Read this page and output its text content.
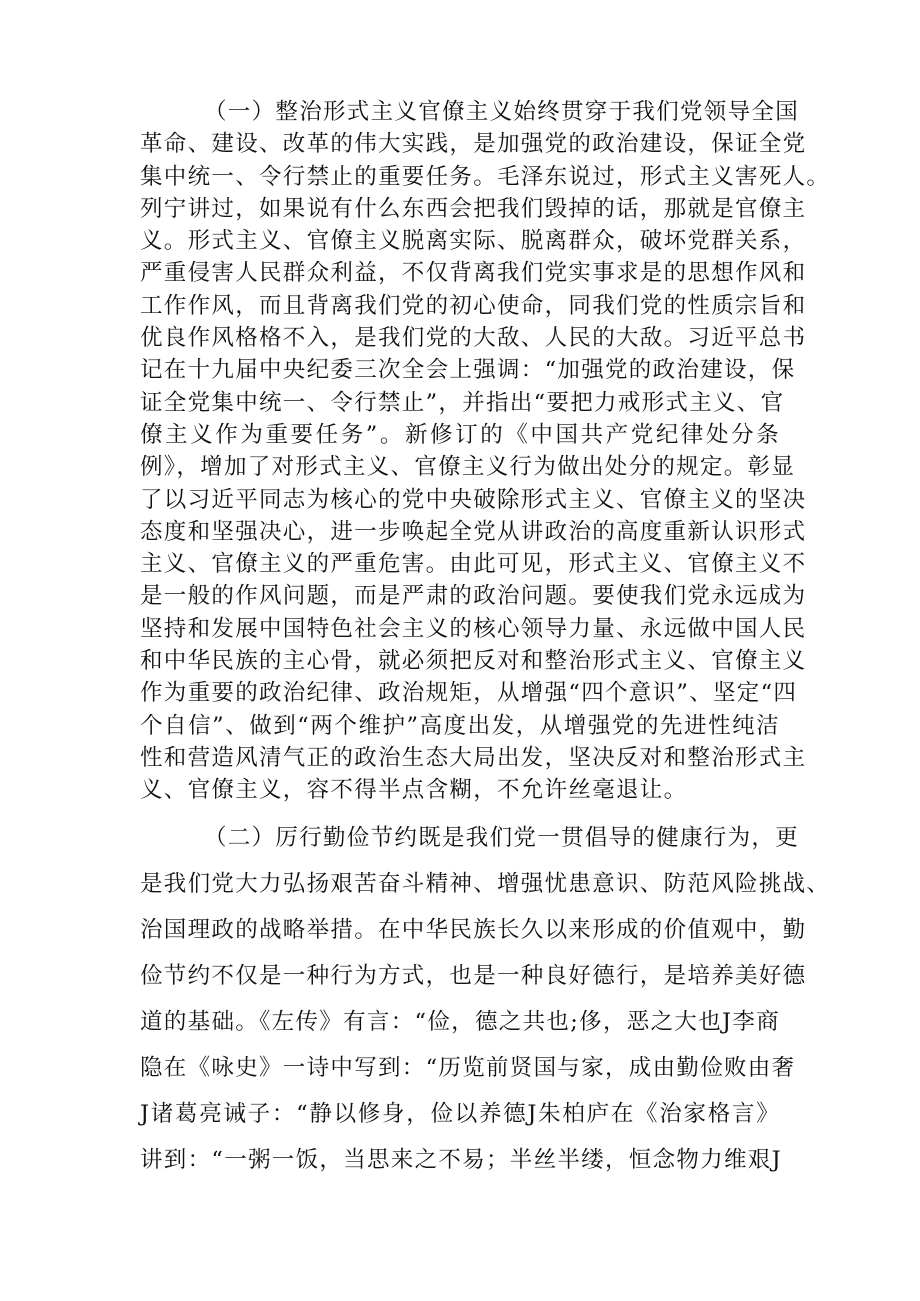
（一）整治形式主义官僚主义始终贯穿于我们党领导全国
革命、建设、改革的伟大实践，是加强党的政治建设，保证全党
集中统一、令行禁止的重要任务。毛泽东说过，形式主义害死人。
列宁讲过，如果说有什么东西会把我们毁掉的话，那就是官僚主
义。形式主义、官僚主义脱离实际、脱离群众，破坏党群关系，
严重侵害人民群众利益，不仅背离我们党实事求是的思想作风和
工作作风，而且背离我们党的初心使命，同我们党的性质宗旨和
优良作风格格不入，是我们党的大敌、人民的大敌。习近平总书
记在十九届中央纪委三次全会上强调：“加强党的政治建设，保
证全党集中统一、令行禁止”，并指出“要把力戒形式主义、官
僚主义作为重要任务”。新修订的《中国共产党纪律处分条
例》，增加了对形式主义、官僚主义行为做出处分的规定。彰显
了以习近平同志为核心的党中央破除形式主义、官僚主义的坚决
态度和坚强决心，进一步唤起全党从讲政治的高度重新认识形式
主义、官僚主义的严重危害。由此可见，形式主义、官僚主义不
是一般的作风问题，而是严肃的政治问题。要使我们党永远成为
坚持和发展中国特色社会主义的核心领导力量、永远做中国人民
和中华民族的主心骨，就必须把反对和整治形式主义、官僚主义
作为重要的政治纪律、政治规矩，从增强“四个意识”、坚定“四
个自信”、做到“两个维护”高度出发，从增强党的先进性纯洁
性和营造风清气正的政治生态大局出发，坚决反对和整治形式主
义、官僚主义，容不得半点含糊，不允许丝毫退让。
（二）厉行勤俭节约既是我们党一贯倡导的健康行为，更
是我们党大力弘扬艰苦奋斗精神、增强忧患意识、防范风险挑战、
治国理政的战略举措。在中华民族长久以来形成的价值观中，勤
俭节约不仅是一种行为方式，也是一种良好德行，是培养美好德
道的基础。《左传》有言：“俭，德之共也;侈，恶之大也J李商
隐在《咏史》一诗中写到：“历览前贤国与家，成由勤俭败由奢
J诸葛亮诫子：“静以修身，俭以养德J朱柏庐在《治家格言》
讲到：“一粥一饭，当思来之不易；半丝半缕，恒念物力维艰J
